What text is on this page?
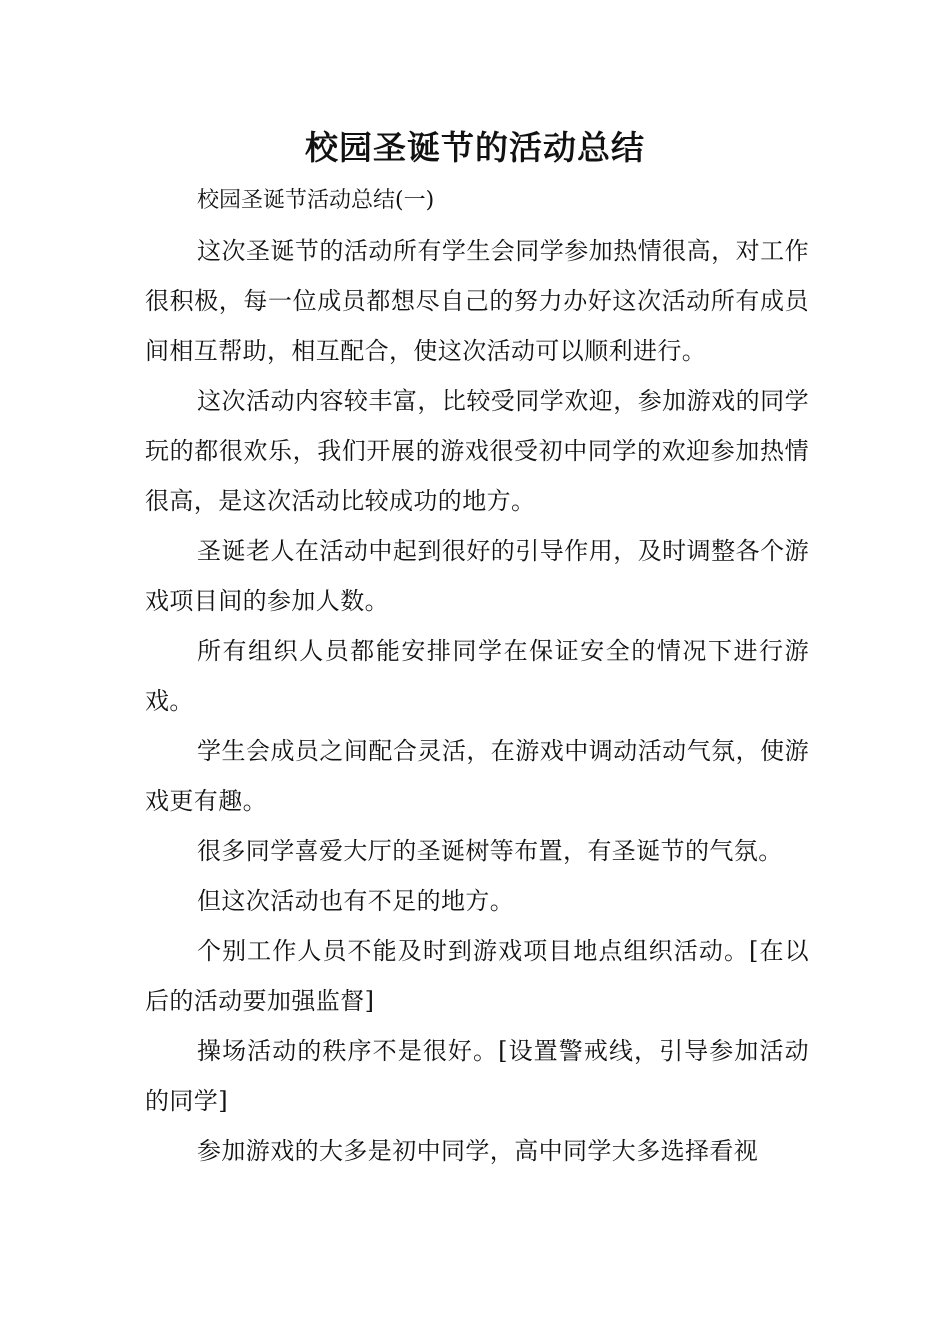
校园圣诞节的活动总结

校园圣诞节活动总结(一)

这次圣诞节的活动所有学生会同学参加热情很高，对工作很积极，每一位成员都想尽自己的努力办好这次活动所有成员间相互帮助，相互配合，使这次活动可以顺利进行。

这次活动内容较丰富，比较受同学欢迎，参加游戏的同学玩的都很欢乐，我们开展的游戏很受初中同学的欢迎参加热情很高，是这次活动比较成功的地方。

圣诞老人在活动中起到很好的引导作用，及时调整各个游戏项目间的参加人数。

所有组织人员都能安排同学在保证安全的情况下进行游戏。

学生会成员之间配合灵活，在游戏中调动活动气氛，使游戏更有趣。

很多同学喜爱大厅的圣诞树等布置，有圣诞节的气氛。

但这次活动也有不足的地方。

个别工作人员不能及时到游戏项目地点组织活动。[在以后的活动要加强监督]

操场活动的秩序不是很好。[设置警戒线，引导参加活动的同学]

参加游戏的大多是初中同学，高中同学大多选择看视
